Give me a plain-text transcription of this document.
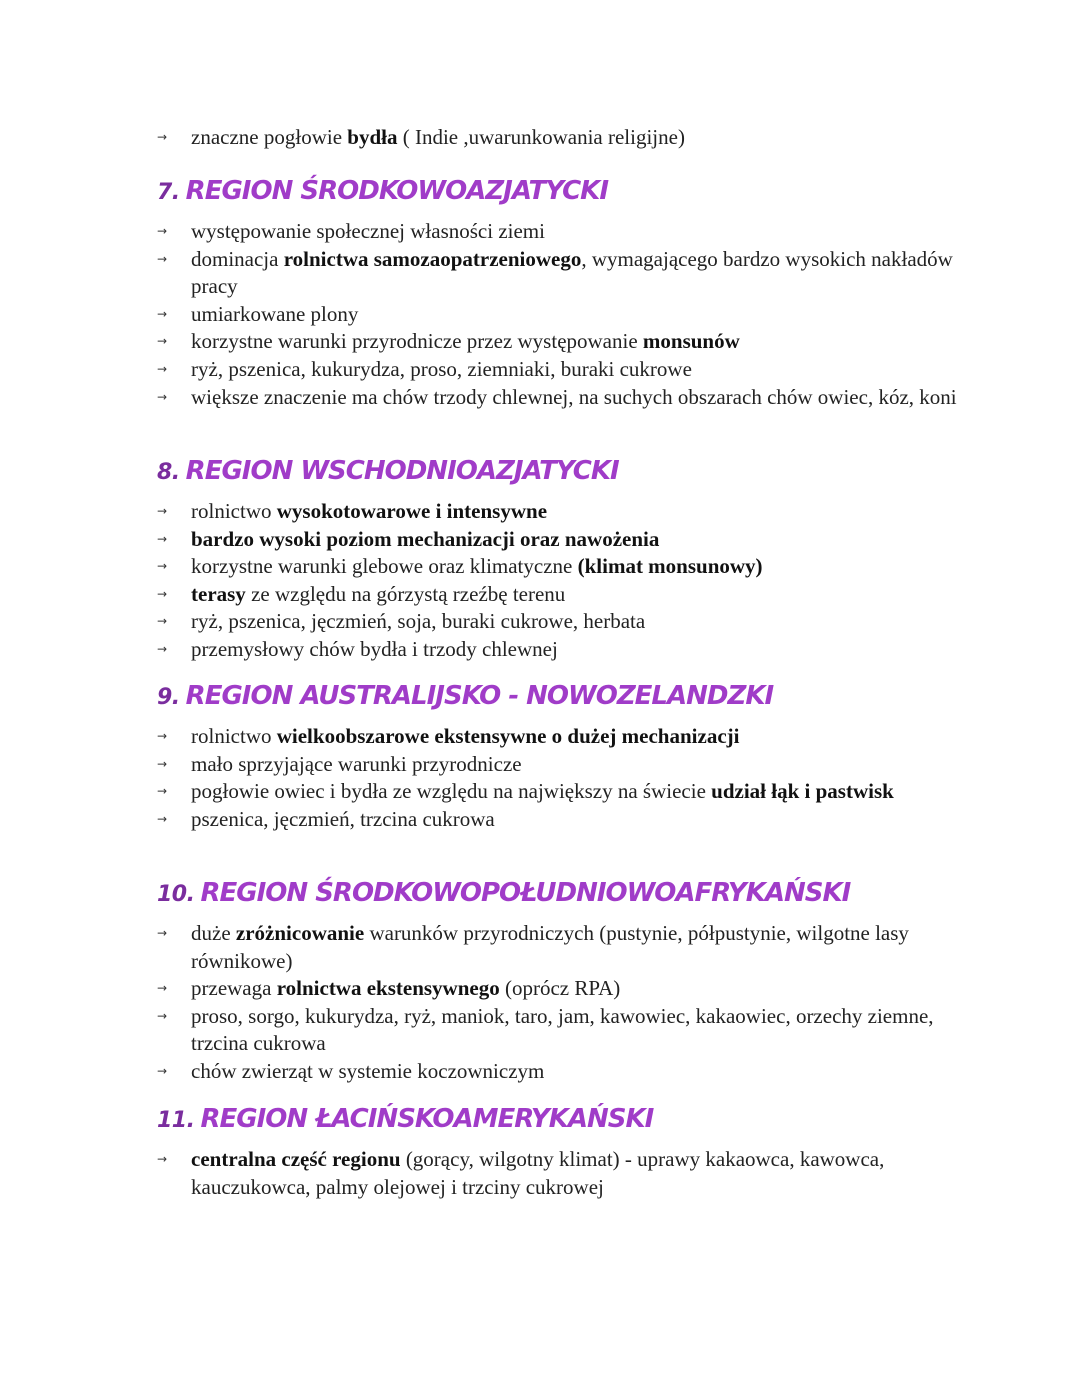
→	znaczne pogłowie bydła ( Indie ,uwarunkowania religijne)
7. REGION ŚRODKOWOAZJATYCKI
→	występowanie społecznej własności ziemi
→	dominacja rolnictwa samozaopatrzeniowego, wymagającego bardzo wysokich nakładów pracy
→	umiarkowane plony
→	korzystne warunki przyrodnicze przez występowanie monsunów
→	ryż, pszenica, kukurydza, proso, ziemniaki, buraki cukrowe
→	większe znaczenie ma chów trzody chlewnej, na suchych obszarach chów owiec, kóz, koni
8. REGION WSCHODNIOAZJATYCKI
→	rolnictwo wysokotowarowe i intensywne
→	bardzo wysoki poziom mechanizacji oraz nawożenia
→	korzystne warunki glebowe oraz klimatyczne (klimat monsunowy)
→	terasy ze względu na górzystą rzeźbę terenu
→	ryż, pszenica, jęczmień, soja, buraki cukrowe, herbata
→	przemysłowy chów bydła i trzody chlewnej
9. REGION AUSTRALIJSKO - NOWOZELANDZKI
→	rolnictwo wielkoobszarowe ekstensywne o dużej mechanizacji
→	mało sprzyjające warunki przyrodnicze
→	pogłowie owiec i bydła ze względu na największy na świecie udział łąk i pastwisk
→	pszenica, jęczmień, trzcina cukrowa
10. REGION ŚRODKOWOPOŁUDNIOWOAFRYKAŃSKI
→	duże zróżnicowanie warunków przyrodniczych (pustynie, półpustynie, wilgotne lasy równikowe)
→	przewaga rolnictwa ekstensywnego (oprócz RPA)
→	proso, sorgo, kukurydza, ryż, maniok, taro, jam, kawowiec, kakaowiec, orzechy ziemne, trzcina cukrowa
→	chów zwierząt w systemie koczowniczym
11. REGION ŁACIŃSKOAMERYKAŃSKI
→	centralna część regionu (gorący, wilgotny klimat) - uprawy kakaowca, kawowca, kauczukowca, palmy olejowej i trzciny cukrowej
